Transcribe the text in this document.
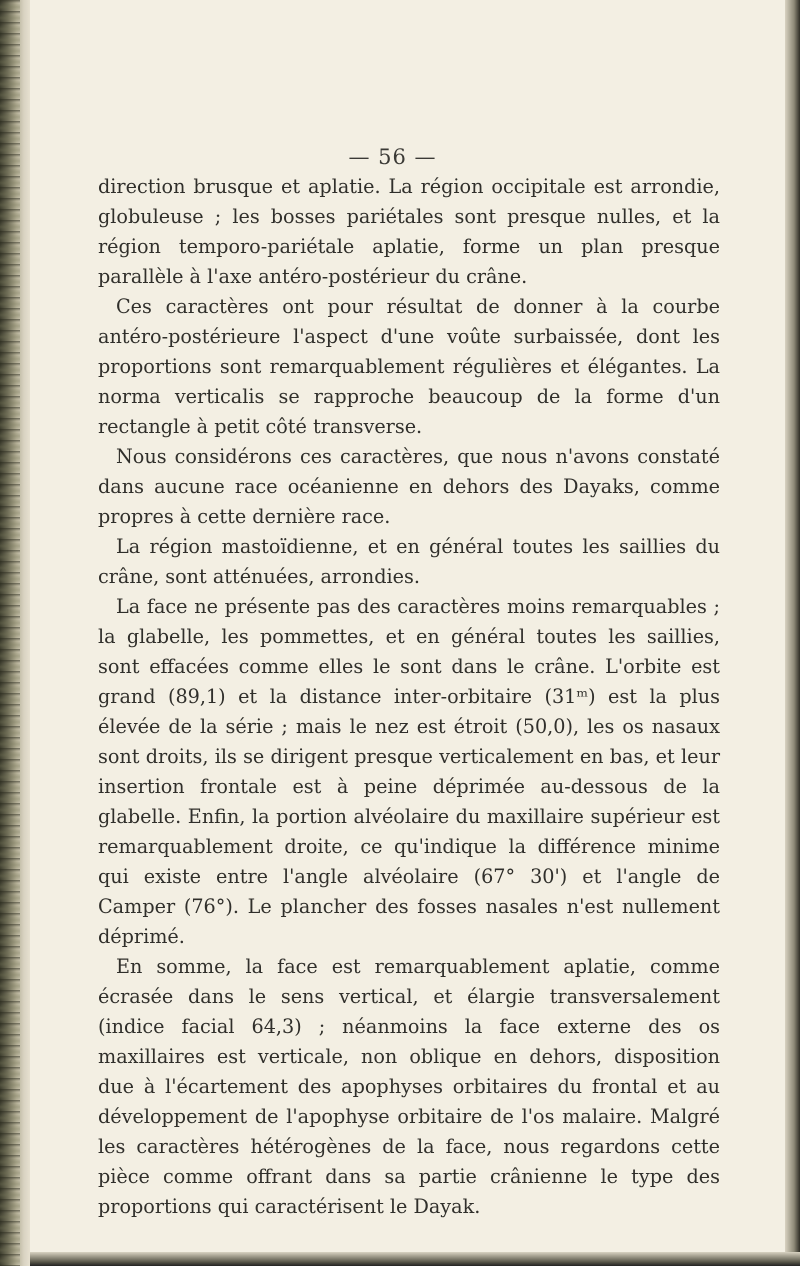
— 56 —

direction brusque et aplatie. La région occipitale est arrondie, globuleuse ; les bosses pariétales sont presque nulles, et la région temporo-pariétale aplatie, forme un plan presque parallèle à l'axe antéro-postérieur du crâne.

Ces caractères ont pour résultat de donner à la courbe antéro-postérieure l'aspect d'une voûte surbaissée, dont les proportions sont remarquablement régulières et élégantes. La norma verticalis se rapproche beaucoup de la forme d'un rectangle à petit côté transverse.

Nous considérons ces caractères, que nous n'avons constaté dans aucune race océanienne en dehors des Dayaks, comme propres à cette dernière race.

La région mastoïdienne, et en général toutes les saillies du crâne, sont atténuées, arrondies.

La face ne présente pas des caractères moins remarquables ; la glabelle, les pommettes, et en général toutes les saillies, sont effacées comme elles le sont dans le crâne. L'orbite est grand (89,1) et la distance inter-orbitaire (31ᵐ) est la plus élevée de la série ; mais le nez est étroit (50,0), les os nasaux sont droits, ils se dirigent presque verticalement en bas, et leur insertion frontale est à peine déprimée au-dessous de la glabelle. Enfin, la portion alvéolaire du maxillaire supérieur est remarquablement droite, ce qu'indique la différence minime qui existe entre l'angle alvéolaire (67° 30') et l'angle de Camper (76°). Le plancher des fosses nasales n'est nullement déprimé.

En somme, la face est remarquablement aplatie, comme écrasée dans le sens vertical, et élargie transversalement (indice facial 64,3) ; néanmoins la face externe des os maxillaires est verticale, non oblique en dehors, disposition due à l'écartement des apophyses orbitaires du frontal et au développement de l'apophyse orbitaire de l'os malaire. Malgré les caractères hétérogènes de la face, nous regardons cette pièce comme offrant dans sa partie crânienne le type des proportions qui caractérisent le Dayak.
